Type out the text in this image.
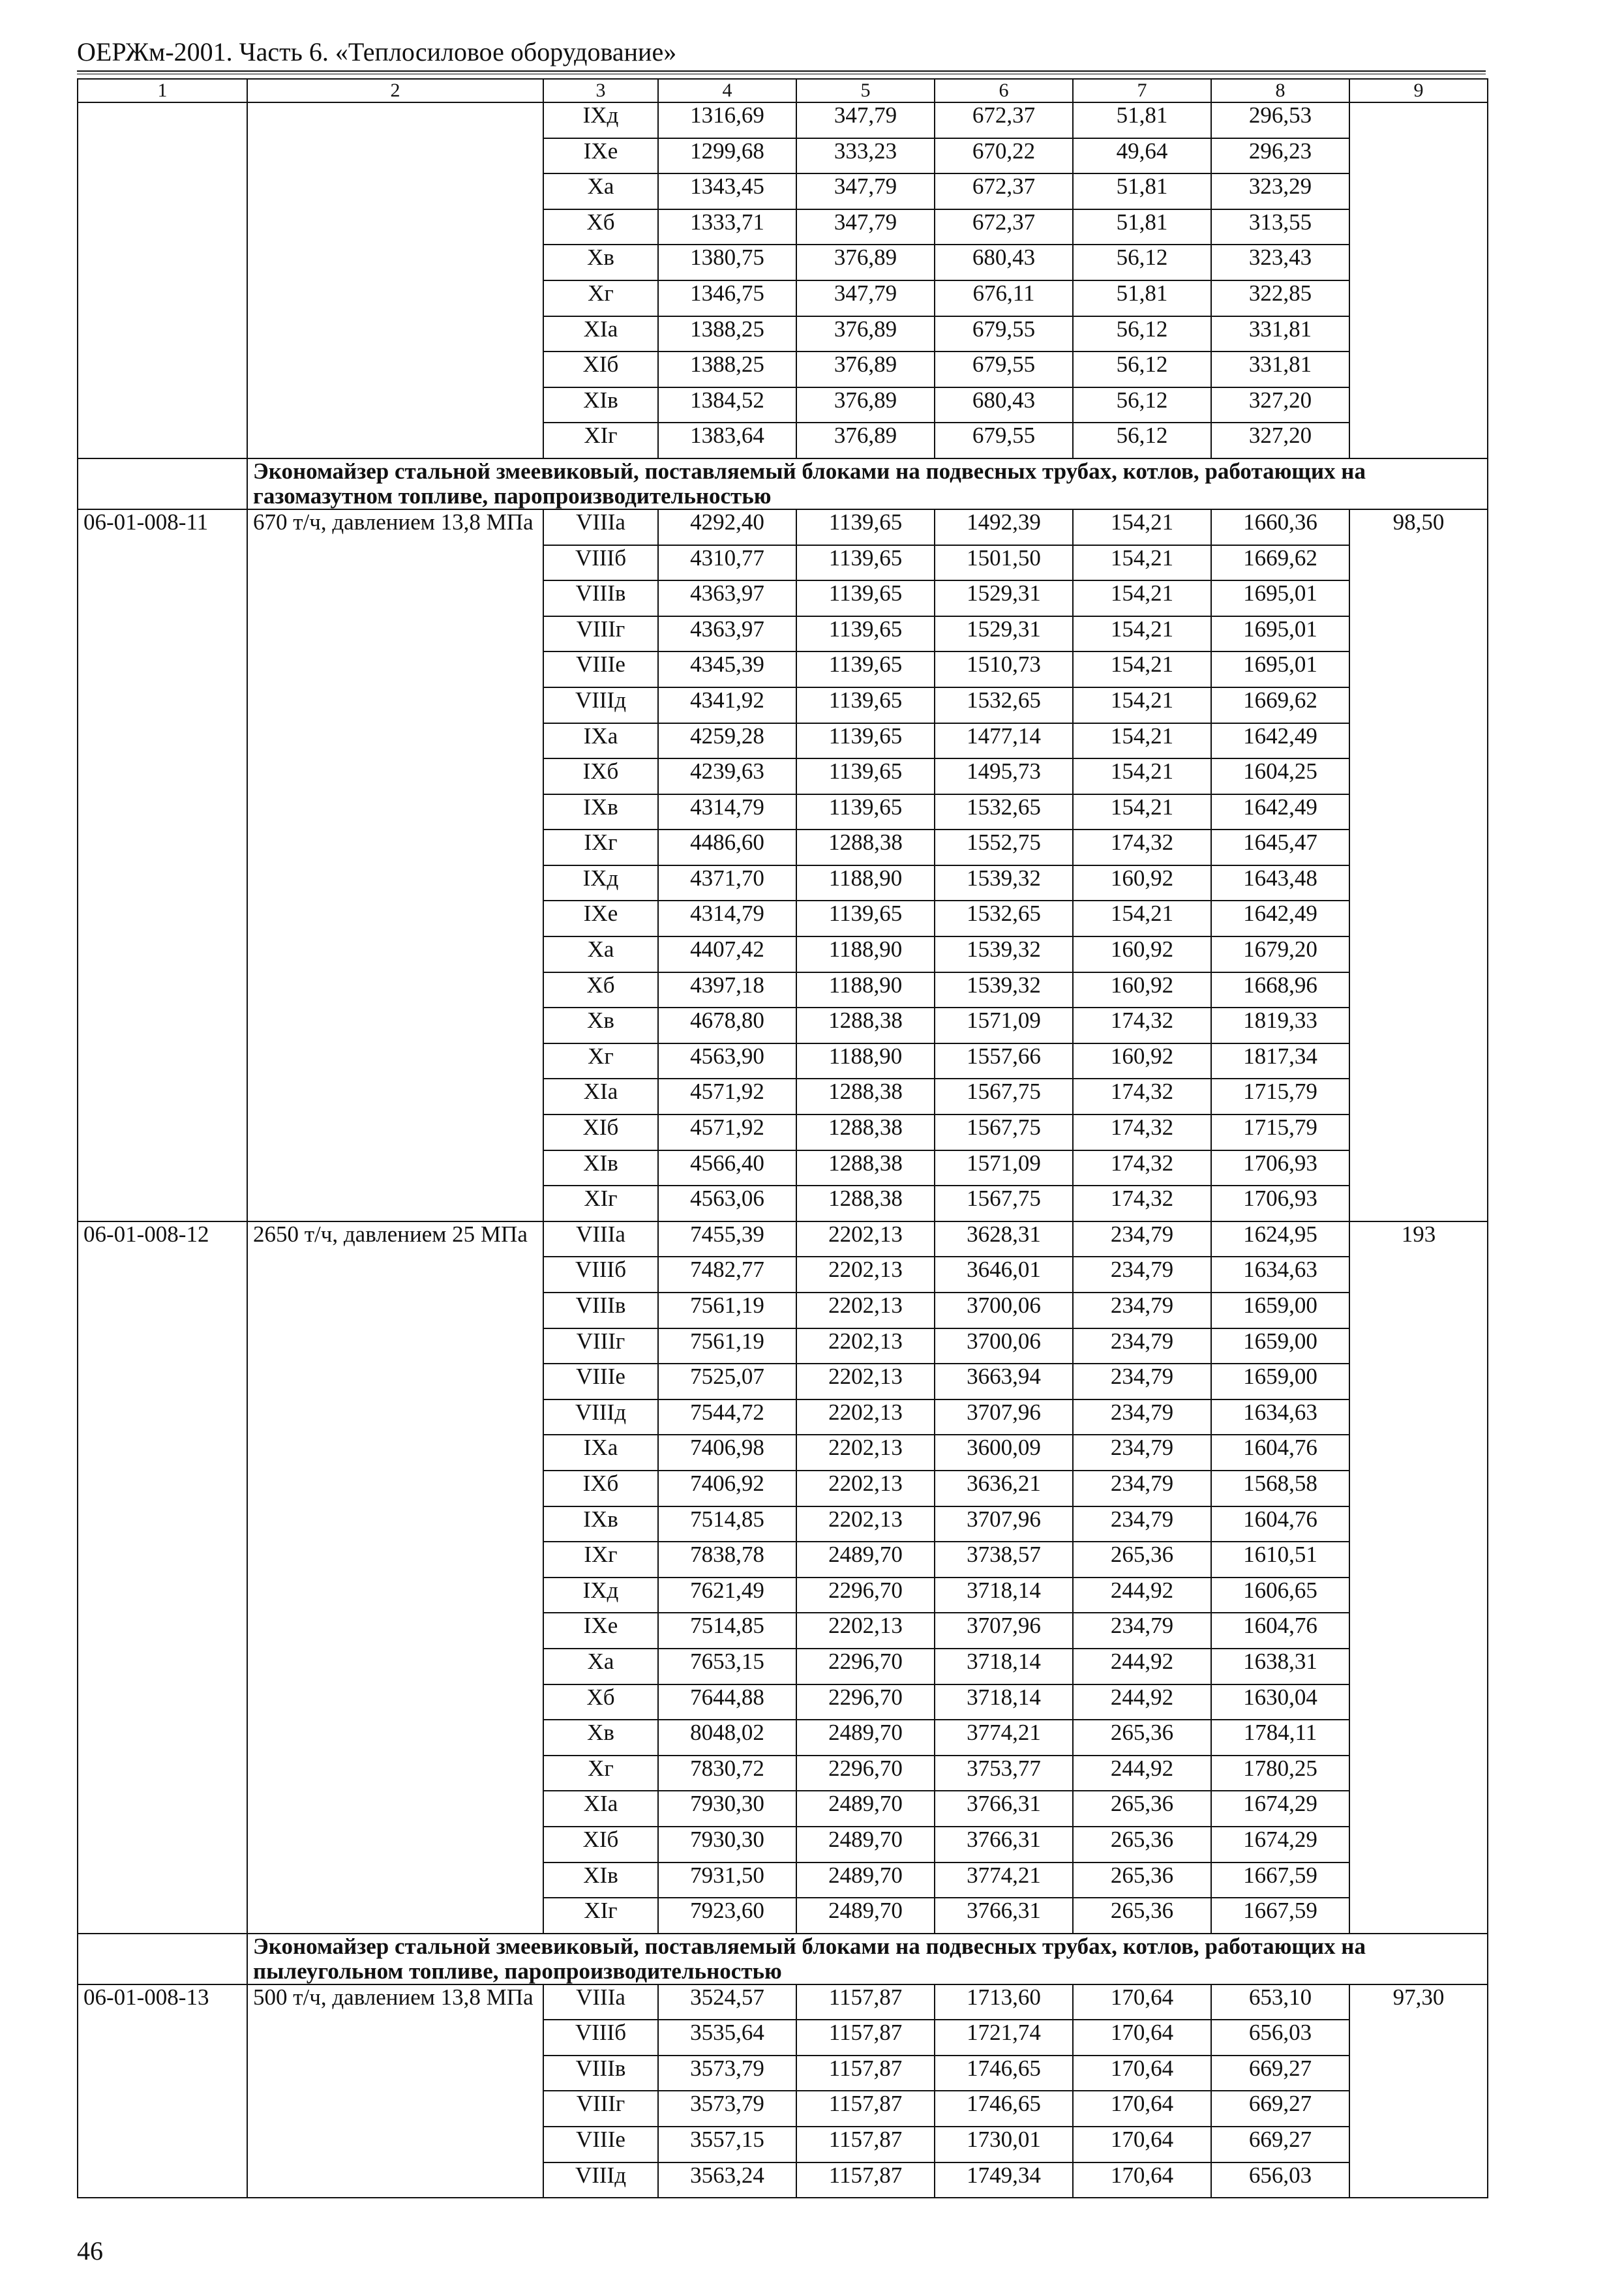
ОЕРЖм-2001. Часть 6. «Теплосиловое оборудование»
1	2	3	4	5	6	7	8	9
		IXд	1316,69	347,79	672,37	51,81	296,53	
		IXе	1299,68	333,23	670,22	49,64	296,23	
		Xа	1343,45	347,79	672,37	51,81	323,29	
		Xб	1333,71	347,79	672,37	51,81	313,55	
		Xв	1380,75	376,89	680,43	56,12	323,43	
		Xг	1346,75	347,79	676,11	51,81	322,85	
		XIа	1388,25	376,89	679,55	56,12	331,81	
		XIб	1388,25	376,89	679,55	56,12	331,81	
		XIв	1384,52	376,89	680,43	56,12	327,20	
		XIг	1383,64	376,89	679,55	56,12	327,20	
	Экономайзер стальной змеевиковый, поставляемый блоками на подвесных трубах, котлов, работающих на газомазутном топливе, паропроизводительностью							
06-01-008-11	670 т/ч, давлением 13,8 МПа	VIIIа	4292,40	1139,65	1492,39	154,21	1660,36	98,50
		VIIIб	4310,77	1139,65	1501,50	154,21	1669,62	
		VIIIв	4363,97	1139,65	1529,31	154,21	1695,01	
		VIIIг	4363,97	1139,65	1529,31	154,21	1695,01	
		VIIIе	4345,39	1139,65	1510,73	154,21	1695,01	
		VIIIд	4341,92	1139,65	1532,65	154,21	1669,62	
		IXа	4259,28	1139,65	1477,14	154,21	1642,49	
		IXб	4239,63	1139,65	1495,73	154,21	1604,25	
		IXв	4314,79	1139,65	1532,65	154,21	1642,49	
		IXг	4486,60	1288,38	1552,75	174,32	1645,47	
		IXд	4371,70	1188,90	1539,32	160,92	1643,48	
		IXе	4314,79	1139,65	1532,65	154,21	1642,49	
		Xа	4407,42	1188,90	1539,32	160,92	1679,20	
		Xб	4397,18	1188,90	1539,32	160,92	1668,96	
		Xв	4678,80	1288,38	1571,09	174,32	1819,33	
		Xг	4563,90	1188,90	1557,66	160,92	1817,34	
		XIа	4571,92	1288,38	1567,75	174,32	1715,79	
		XIб	4571,92	1288,38	1567,75	174,32	1715,79	
		XIв	4566,40	1288,38	1571,09	174,32	1706,93	
		XIг	4563,06	1288,38	1567,75	174,32	1706,93	
06-01-008-12	2650 т/ч, давлением 25 МПа	VIIIа	7455,39	2202,13	3628,31	234,79	1624,95	193
		VIIIб	7482,77	2202,13	3646,01	234,79	1634,63	
		VIIIв	7561,19	2202,13	3700,06	234,79	1659,00	
		VIIIг	7561,19	2202,13	3700,06	234,79	1659,00	
		VIIIе	7525,07	2202,13	3663,94	234,79	1659,00	
		VIIIд	7544,72	2202,13	3707,96	234,79	1634,63	
		IXа	7406,98	2202,13	3600,09	234,79	1604,76	
		IXб	7406,92	2202,13	3636,21	234,79	1568,58	
		IXв	7514,85	2202,13	3707,96	234,79	1604,76	
		IXг	7838,78	2489,70	3738,57	265,36	1610,51	
		IXд	7621,49	2296,70	3718,14	244,92	1606,65	
		IXе	7514,85	2202,13	3707,96	234,79	1604,76	
		Xа	7653,15	2296,70	3718,14	244,92	1638,31	
		Xб	7644,88	2296,70	3718,14	244,92	1630,04	
		Xв	8048,02	2489,70	3774,21	265,36	1784,11	
		Xг	7830,72	2296,70	3753,77	244,92	1780,25	
		XIа	7930,30	2489,70	3766,31	265,36	1674,29	
		XIб	7930,30	2489,70	3766,31	265,36	1674,29	
		XIв	7931,50	2489,70	3774,21	265,36	1667,59	
		XIг	7923,60	2489,70	3766,31	265,36	1667,59	
	Экономайзер стальной змеевиковый, поставляемый блоками на подвесных трубах, котлов, работающих на пылеугольном топливе, паропроизводительностью							
06-01-008-13	500 т/ч, давлением 13,8 МПа	VIIIа	3524,57	1157,87	1713,60	170,64	653,10	97,30
		VIIIб	3535,64	1157,87	1721,74	170,64	656,03	
		VIIIв	3573,79	1157,87	1746,65	170,64	669,27	
		VIIIг	3573,79	1157,87	1746,65	170,64	669,27	
		VIIIе	3557,15	1157,87	1730,01	170,64	669,27	
		VIIIд	3563,24	1157,87	1749,34	170,64	656,03	
46
